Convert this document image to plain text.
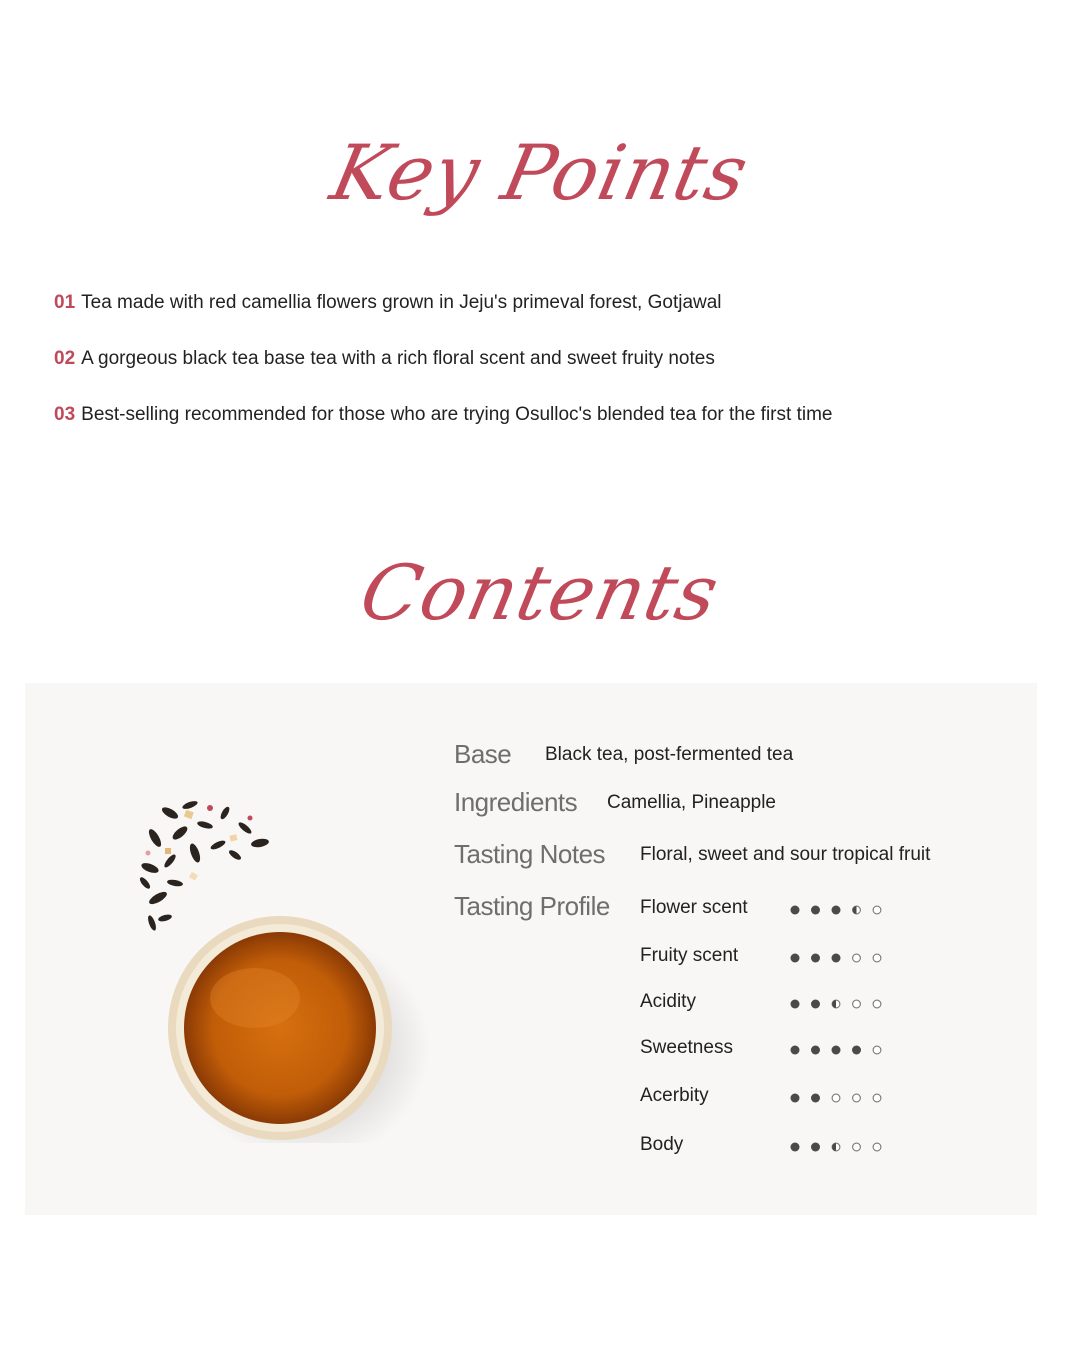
Key Points
01 Tea made with red camellia flowers grown in Jeju's primeval forest, Gotjawal
02 A gorgeous black tea base tea with a rich floral scent and sweet fruity notes
03 Best-selling recommended for those who are trying Osulloc's blended tea for the first time
Contents
Base Black tea, post-fermented tea
Ingredients Camellia, Pineapple
Tasting Notes Floral, sweet and sour tropical fruit
Tasting Profile Flower scent
Fruity scent
Acidity
Sweetness
Acerbity
Body
